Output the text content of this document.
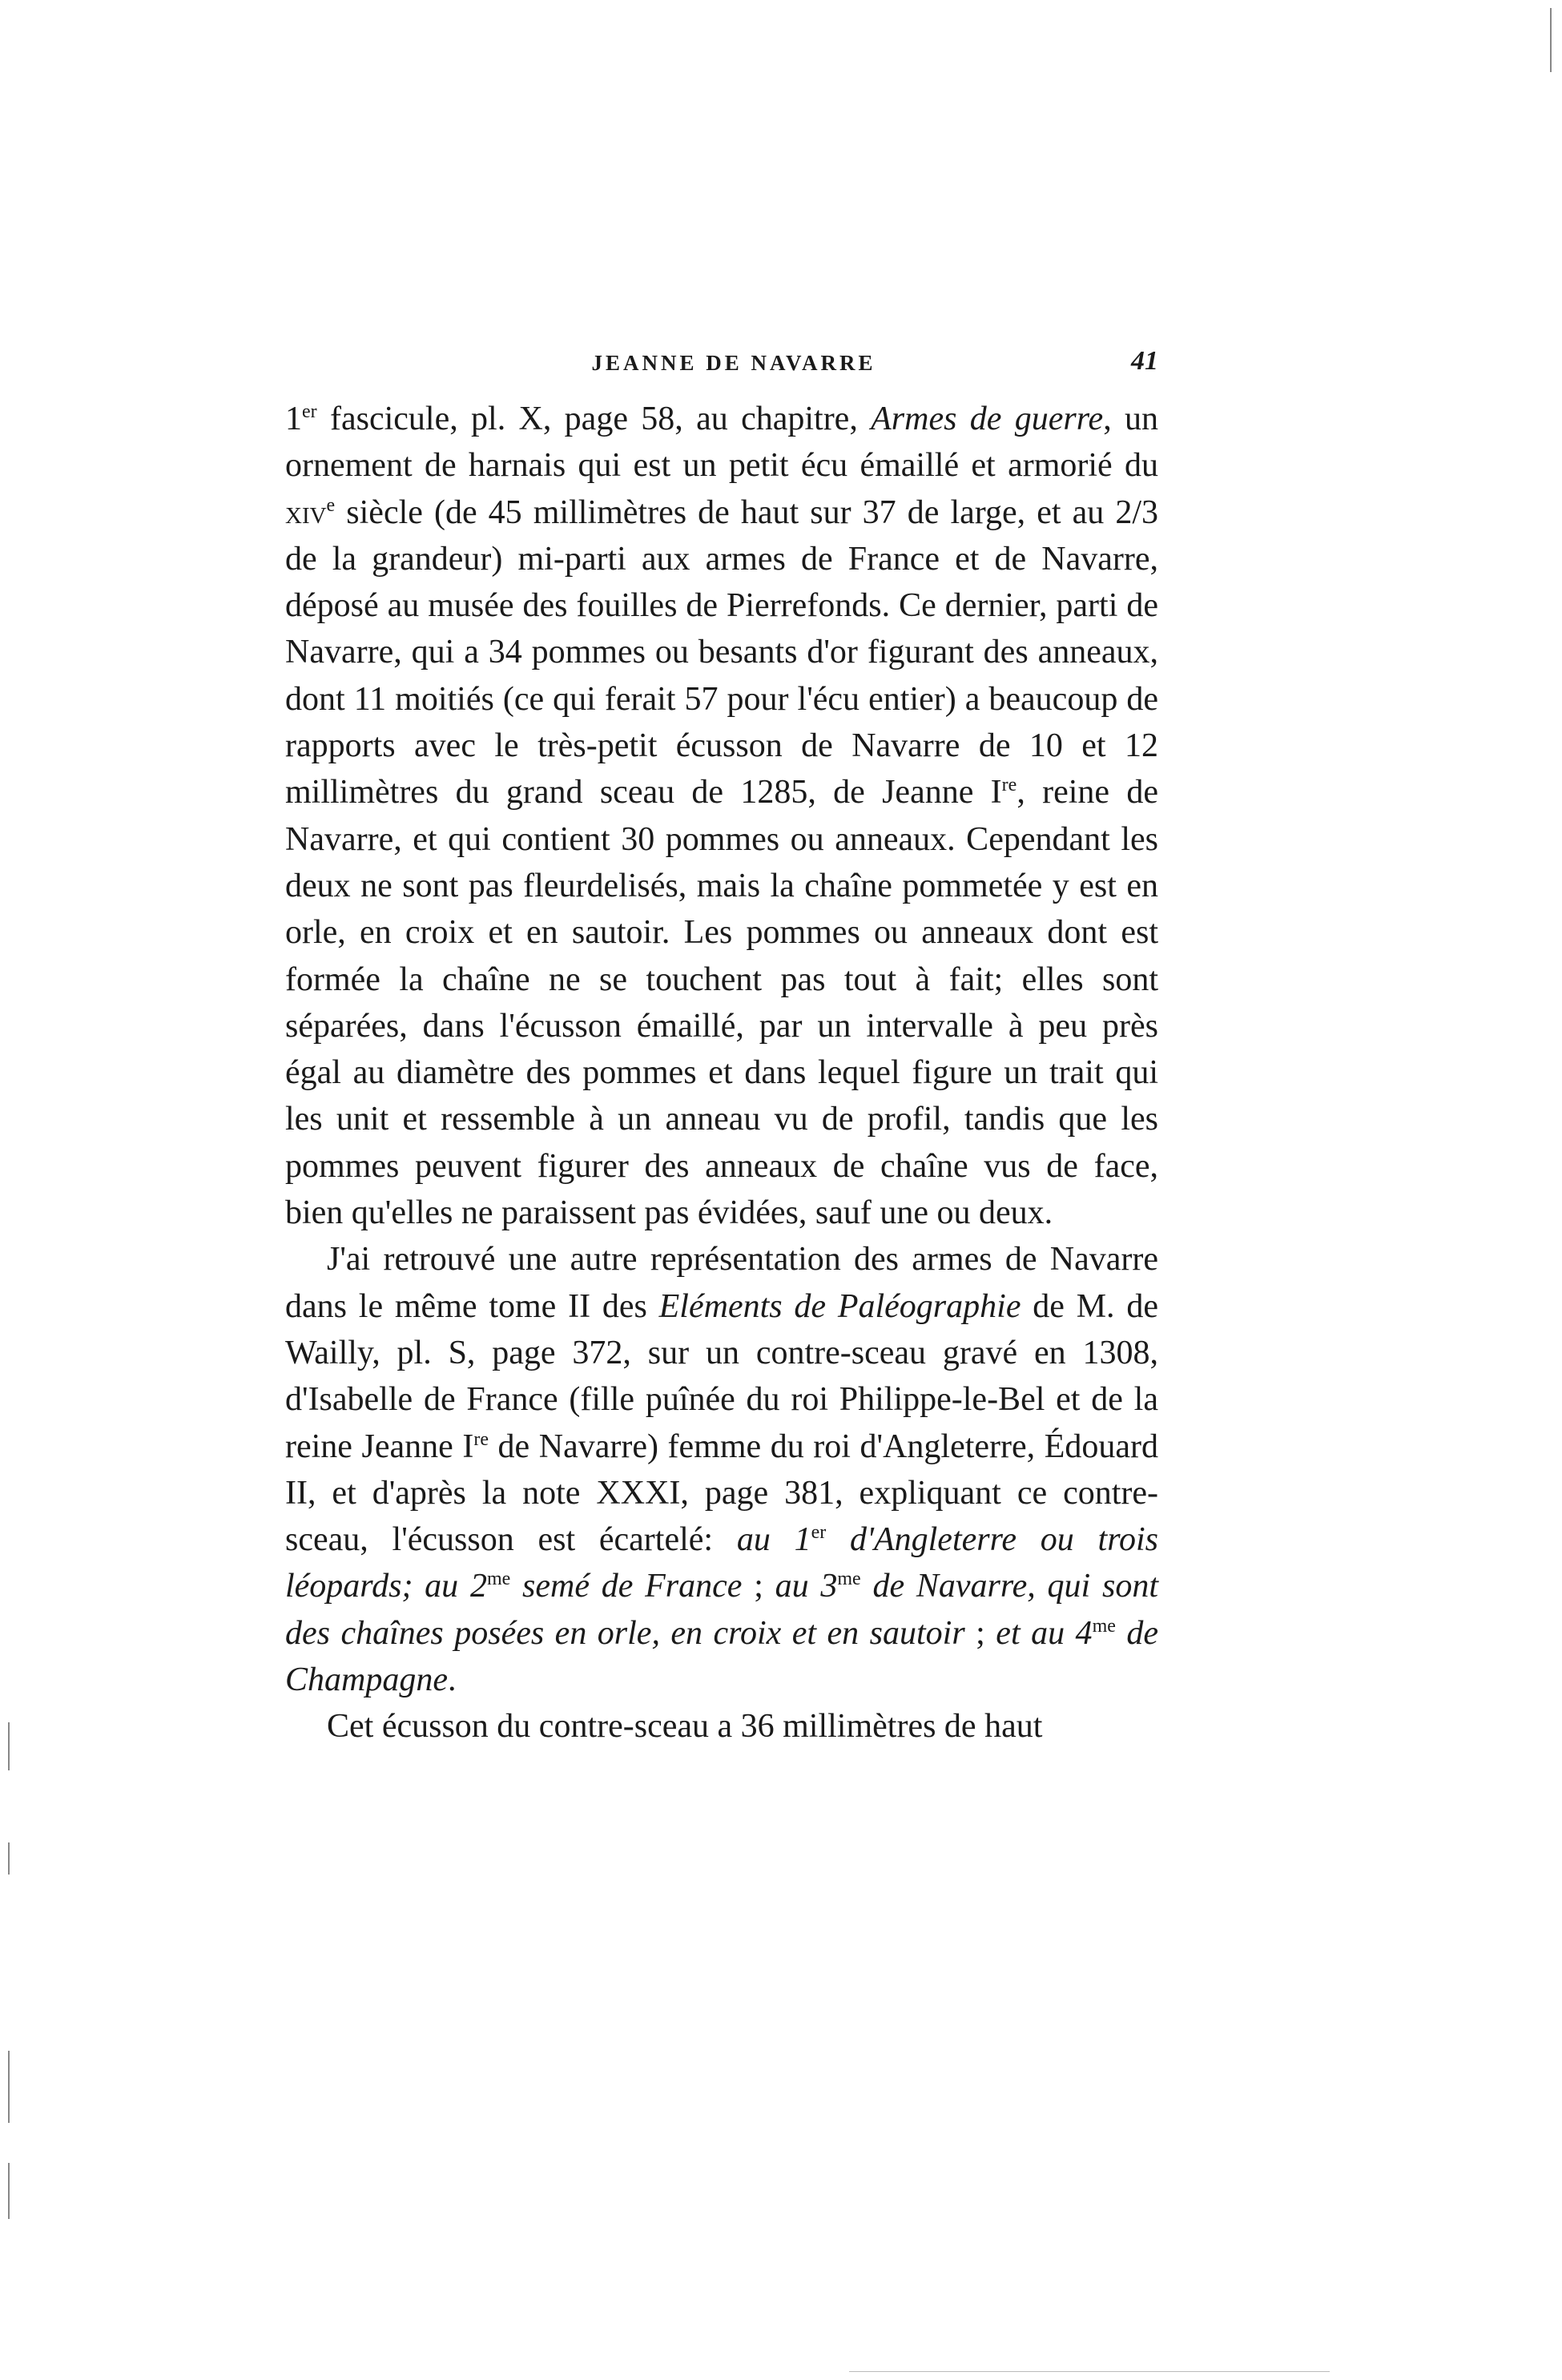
JEANNE DE NAVARRE	41

1er fascicule, pl. X, page 58, au chapitre, Armes de guerre, un ornement de harnais qui est un petit écu émaillé et armorié du xiv$^e$ siècle (de 45 millimètres de haut sur 37 de large, et au 2/3 de la grandeur) mi-parti aux armes de France et de Navarre, déposé au musée des fouilles de Pierrefonds. Ce dernier, parti de Navarre, qui a 34 pommes ou besants d'or figurant des anneaux, dont 11 moitiés (ce qui ferait 57 pour l'écu entier) a beaucoup de rapports avec le très-petit écusson de Navarre de 10 et 12 millimètres du grand sceau de 1285, de Jeanne Ire, reine de Navarre, et qui contient 30 pommes ou anneaux. Cependant les deux ne sont pas fleurdelisés, mais la chaîne pommetée y est en orle, en croix et en sautoir. Les pommes ou anneaux dont est formée la chaîne ne se touchent pas tout à fait; elles sont séparées, dans l'écusson émaillé, par un intervalle à peu près égal au diamètre des pommes et dans lequel figure un trait qui les unit et ressemble à un anneau vu de profil, tandis que les pommes peuvent figurer des anneaux de chaîne vus de face, bien qu'elles ne paraissent pas évidées, sauf une ou deux.

J'ai retrouvé une autre représentation des armes de Navarre dans le même tome II des Eléments de Paléographie de M. de Wailly, pl. S, page 372, sur un contre-sceau gravé en 1308, d'Isabelle de France (fille puînée du roi Philippe-le-Bel et de la reine Jeanne Ire de Navarre) femme du roi d'Angleterre, Édouard II, et d'après la note XXXI, page 381, expliquant ce contre-sceau, l'écusson est écartelé: au 1er d'Angleterre ou trois léopards; au $2^{me}$ semé de France ; au $3^{me}$ de Navarre, qui sont des chaînes posées en orle, en croix et en sautoir ; et au $4^{me}$ de Champagne.

Cet écusson du contre-sceau a 36 millimètres de haut
